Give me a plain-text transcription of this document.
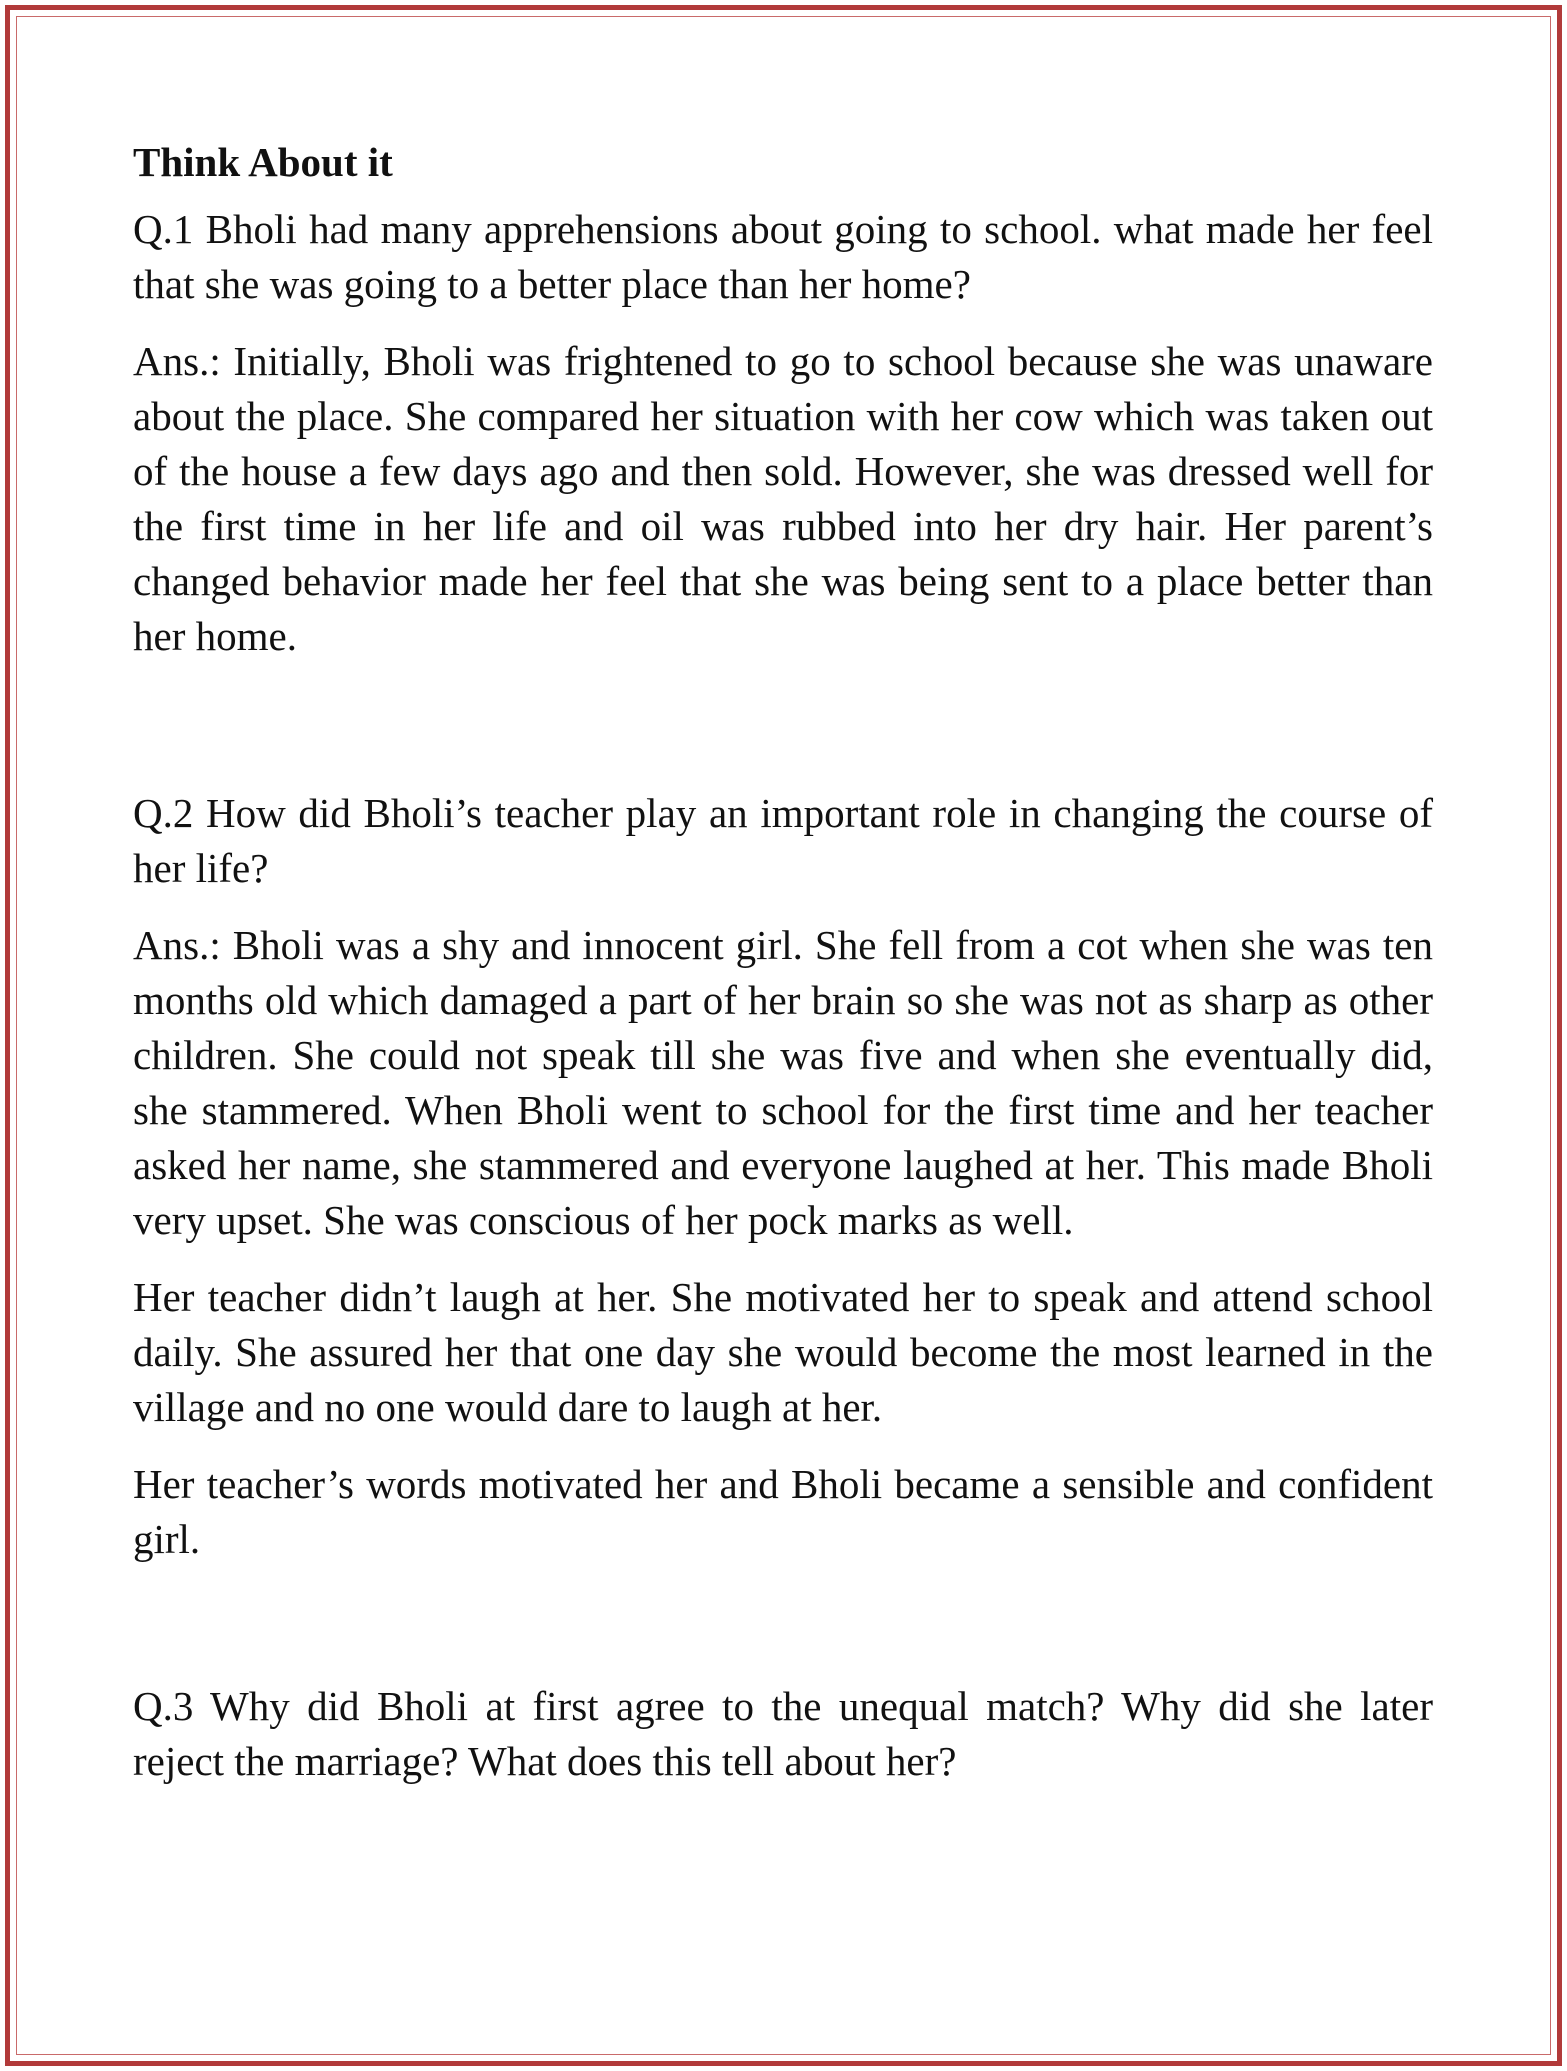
Think About it

Q.1 Bholi had many apprehensions about going to school. what made her feel that she was going to a better place than her home?

Ans.: Initially, Bholi was frightened to go to school because she was unaware about the place. She compared her situation with her cow which was taken out of the house a few days ago and then sold. However, she was dressed well for the first time in her life and oil was rubbed into her dry hair. Her parent’s changed behavior made her feel that she was being sent to a place better than her home.

Q.2 How did Bholi’s teacher play an important role in changing the course of her life?

Ans.: Bholi was a shy and innocent girl. She fell from a cot when she was ten months old which damaged a part of her brain so she was not as sharp as other children. She could not speak till she was five and when she eventually did, she stammered. When Bholi went to school for the first time and her teacher asked her name, she stammered and everyone laughed at her. This made Bholi very upset. She was conscious of her pock marks as well.

Her teacher didn’t laugh at her. She motivated her to speak and attend school daily. She assured her that one day she would become the most learned in the village and no one would dare to laugh at her.

Her teacher’s words motivated her and Bholi became a sensible and confident girl.

Q.3 Why did Bholi at first agree to the unequal match? Why did she later reject the marriage? What does this tell about her?
